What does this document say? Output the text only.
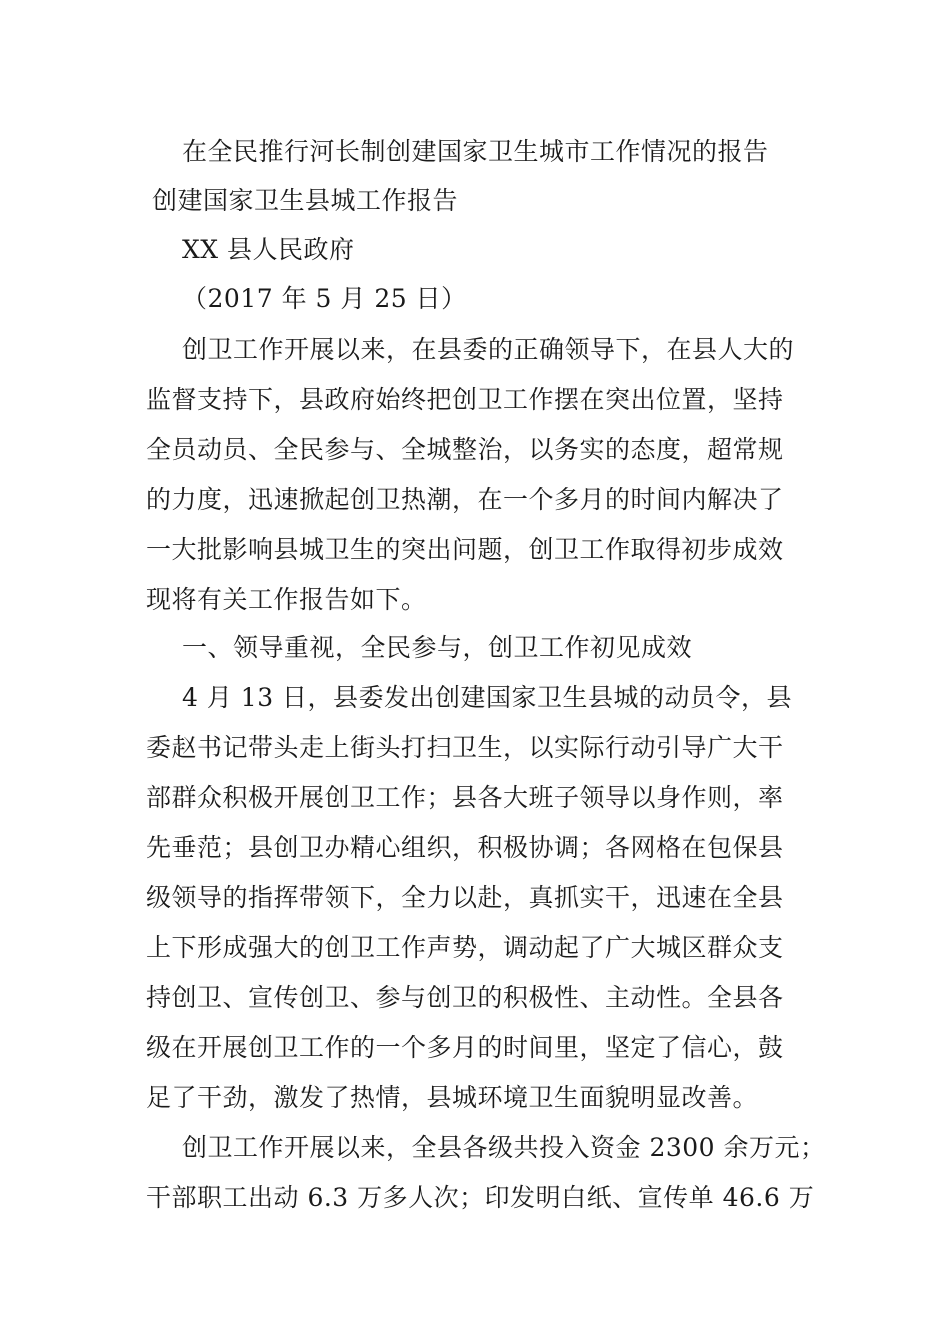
在全民推行河长制创建国家卫生城市工作情况的报告
创建国家卫生县城工作报告
XX 县人民政府
（2017 年 5 月 25 日）
创卫工作开展以来，在县委的正确领导下，在县人大的
监督支持下，县政府始终把创卫工作摆在突出位置，坚持
全员动员、全民参与、全城整治，以务实的态度，超常规
的力度，迅速掀起创卫热潮，在一个多月的时间内解决了
一大批影响县城卫生的突出问题，创卫工作取得初步成效
现将有关工作报告如下。
一、领导重视，全民参与，创卫工作初见成效
4 月 13 日，县委发出创建国家卫生县城的动员令，县
委赵书记带头走上街头打扫卫生，以实际行动引导广大干
部群众积极开展创卫工作；县各大班子领导以身作则，率
先垂范；县创卫办精心组织，积极协调；各网格在包保县
级领导的指挥带领下，全力以赴，真抓实干，迅速在全县
上下形成强大的创卫工作声势，调动起了广大城区群众支
持创卫、宣传创卫、参与创卫的积极性、主动性。全县各
级在开展创卫工作的一个多月的时间里，坚定了信心，鼓
足了干劲，激发了热情，县城环境卫生面貌明显改善。
创卫工作开展以来，全县各级共投入资金 2300 余万元；
干部职工出动 6.3 万多人次；印发明白纸、宣传单 46.6 万
